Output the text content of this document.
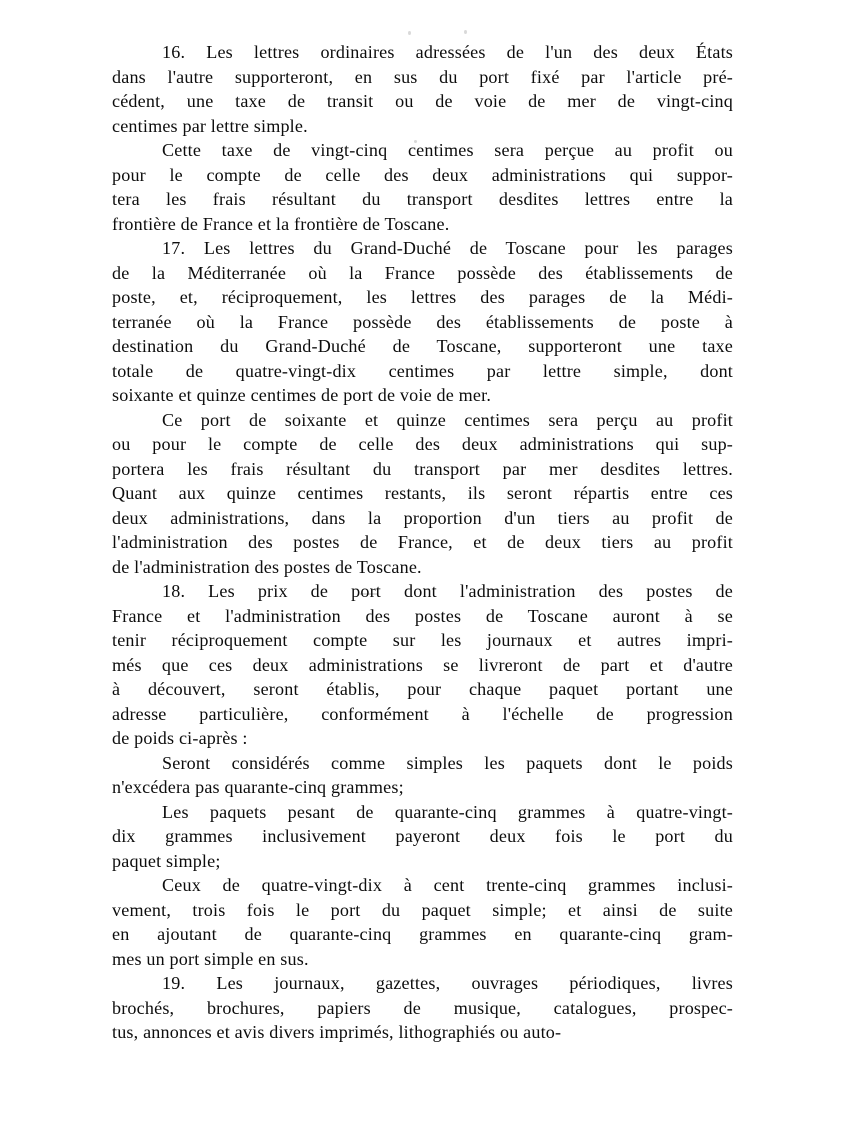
16. Les lettres ordinaires adressées de l'un des deux États
dans l'autre supporteront, en sus du port fixé par l'article pré-
cédent, une taxe de transit ou de voie de mer de vingt-cinq
centimes par lettre simple.
Cette taxe de vingt-cinq centimes sera perçue au profit ou
pour le compte de celle des deux administrations qui suppor-
tera les frais résultant du transport desdites lettres entre la
frontière de France et la frontière de Toscane.
17. Les lettres du Grand-Duché de Toscane pour les parages
de la Méditerranée où la France possède des établissements de
poste, et, réciproquement, les lettres des parages de la Médi-
terranée où la France possède des établissements de poste à
destination du Grand-Duché de Toscane, supporteront une taxe
totale de quatre-vingt-dix centimes par lettre simple, dont
soixante et quinze centimes de port de voie de mer.
Ce port de soixante et quinze centimes sera perçu au profit
ou pour le compte de celle des deux administrations qui sup-
portera les frais résultant du transport par mer desdites lettres.
Quant aux quinze centimes restants, ils seront répartis entre ces
deux administrations, dans la proportion d'un tiers au profit de
l'administration des postes de France, et de deux tiers au profit
de l'administration des postes de Toscane.
18. Les prix de port dont l'administration des postes de
France et l'administration des postes de Toscane auront à se
tenir réciproquement compte sur les journaux et autres impri-
més que ces deux administrations se livreront de part et d'autre
à découvert, seront établis, pour chaque paquet portant une
adresse particulière, conformément à l'échelle de progression
de poids ci-après :
Seront considérés comme simples les paquets dont le poids
n'excédera pas quarante-cinq grammes;
Les paquets pesant de quarante-cinq grammes à quatre-vingt-
dix grammes inclusivement payeront deux fois le port du
paquet simple;
Ceux de quatre-vingt-dix à cent trente-cinq grammes inclusi-
vement, trois fois le port du paquet simple; et ainsi de suite
en ajoutant de quarante-cinq grammes en quarante-cinq gram-
mes un port simple en sus.
19. Les journaux, gazettes, ouvrages périodiques, livres
brochés, brochures, papiers de musique, catalogues, prospec-
tus, annonces et avis divers imprimés, lithographiés ou auto-
